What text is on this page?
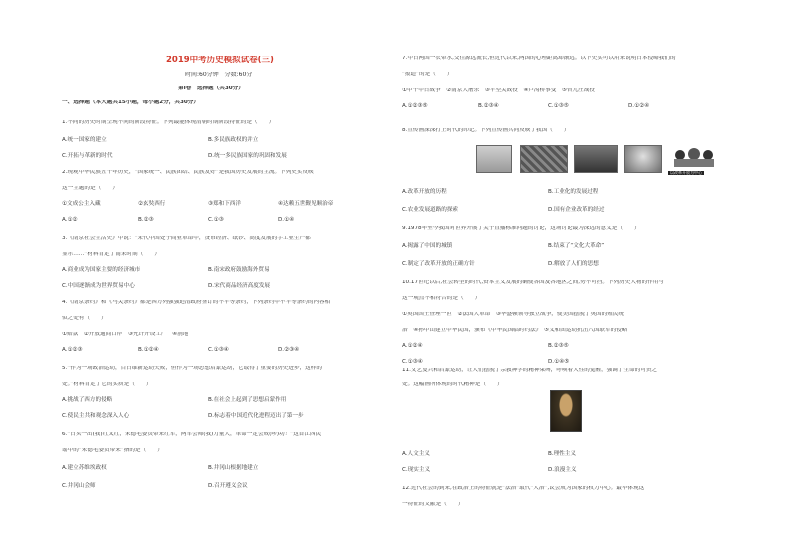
2019中考历史模拟试卷(三)
时间:60分钟　分数:60分
第Ⅰ卷　选择题（共30分）
一、选择题（本大题共15小题，每小题2分，共30分）
1.不同的历史时期呈现不同的阶段特征。下列最能体现清朝时期阶段特征的是（　　）
A.统一国家的建立	B.多民族政权的并立
C.开拓与革新的时代	D.统一多民族国家的巩固和发展
2.现观中华民族五千年历史，“国家统一、民族团结、民族友好”是我国历史发展的主流。下列史实反映
这一主题的是（　　）
①文成公主入藏	②玄奘西行	③郑和下西洋	④达赖五世觐见顺治帝
A.①②	B.②③	C.①③	D.①④
3.《南京社会生活史》中说：“宋代中国处于商业革命中，货币经济、纸钞、高度发展的手工业生产都
显示……”材料肯定了南宋时期（　　）
A.商业成为国家主要的经济城市	B.南宋政府鼓励海外贸易
C.中国逐渐成为世界贸易中心	D.宋代商品经济高度发展
4.《南京条约》和《马关条约》都是西方列强强迫清政府签订的不平等条约，下列条约中不平等条约的内容相
似之处有（　　）
①赔款　②开放通商口岸　③允许开设工厂　④割地
A.①②③	B.①②④	C.①③④	D.②③④
5.“作为一场政治运动，百日维新运动失败，但作为一场思想启蒙运动，它取得了重要的历史进步，这样的
处。”材料肯定了它的实质是（　　）
A.挑战了西方的侵略	B.在社会上起到了思想启蒙作用
C.使民主共和观念深入人心	D.标志着中国近代化进程迈出了第一步
6.“日头一出(我)红又红，朱德毛委员带来红军，两军会师(我)力量大，革命一定会成(啰)功！”这首江西民
谣中的“朱德毛委员带来”指的是（　　）
A.建立苏维埃政权	B.井冈山根据地建立
C.井冈山会师	D.召开遵义会议
7.中日两国一衣带水,交往源远流长,但近代以来,两国的心理距离却渐远。以下史实可以用来说明日本侵略我们的
“报道”的是（　　）
①甲午中日战争　②南京大屠杀　③平型关战役　④卢沟桥事变　⑤台儿庄战役
A.①②③⑤	B.②③④	C.①③⑤	D.①②④
8.宣传画深深打上时代的印记。下列宣传画共同反映了我国（　　）
以改革开放为中心
A.改革开放的历程	B.工业化的发展过程
C.农业发展道路的探索	D.国有企业改革的经过
9.1978年至今我国对世界开展了关于直播标准问题的讨论，这场讨论最为深远的意义是（　　）
A.揭露了中国的城镇	B.结束了“文化大革命”
C.制定了改革开放的正确方针	D.解放了人们的思想
10.17世纪以后,社会转型的时代,资本主义发展的确使各国及各地区之间,势不可挡。下列历史人物的作用与
这一观点不相符合的是（　　）
①英国国王查理一世　②法国大革命　③华盛顿领导独立战争，使美国摆脱了英国的殖民统
治　④孙中山建立中华民国，颁布《中华民国临时约法》　⑤义和团运动抗击八国联军的侵略
A.①②④	B.②③⑤
C.①③④	D.①④⑤
11.文艺复兴和启蒙运动，让人们摆脱了宗教神学的精神束缚，呼唤着人性的觉醒，强调了生命的可贵之
处。这幅画所体现的时代精神是（　　）
A.人文主义	B.理性主义
C.现实主义	D.浪漫主义
12.近代社会的到来,在政治上的特征就是“法治”取代“人治”,议会成为国家的权力中心。最早体现这
一特征的文献是（　　）
